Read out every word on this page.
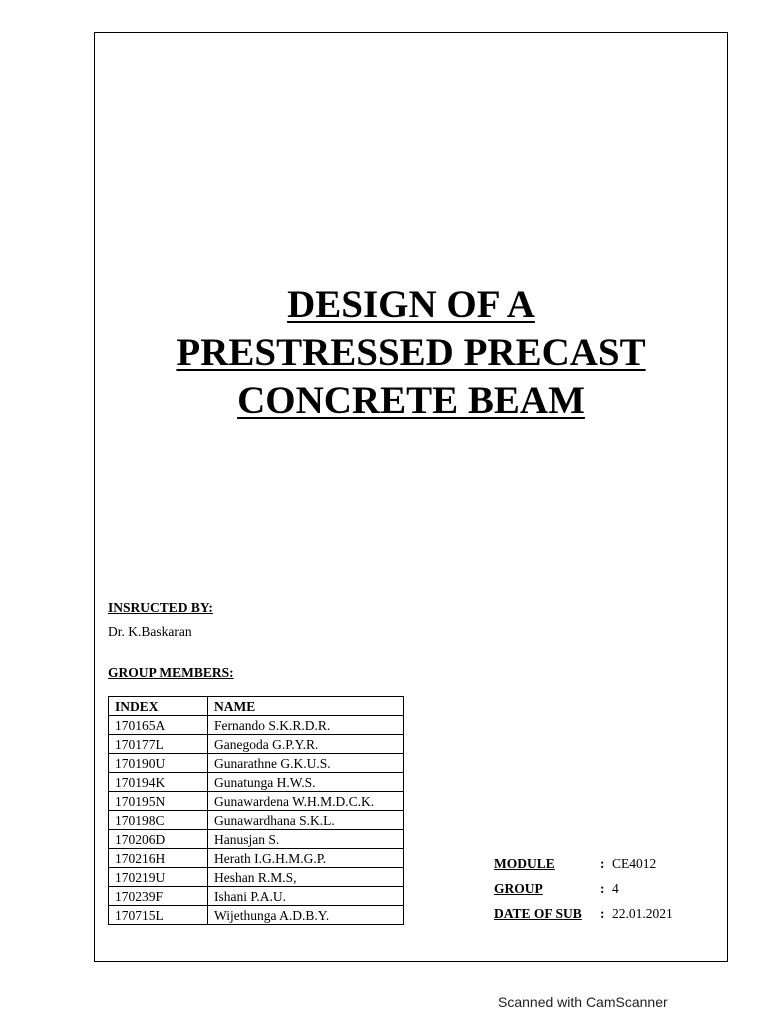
DESIGN OF A
PRESTRESSED PRECAST
CONCRETE BEAM
INSRUCTED BY:
Dr. K.Baskaran
GROUP MEMBERS:
INDEX	NAME
170165A	Fernando S.K.R.D.R.
170177L	Ganegoda G.P.Y.R.
170190U	Gunarathne G.K.U.S.
170194K	Gunatunga H.W.S.
170195N	Gunawardena W.H.M.D.C.K.
170198C	Gunawardhana S.K.L.
170206D	Hanusjan S.
170216H	Herath I.G.H.M.G.P.
170219U	Heshan R.M.S,
170239F	Ishani P.A.U.
170715L	Wijethunga A.D.B.Y.
MODULE	: CE4012
GROUP	: 4
DATE OF SUB : 22.01.2021
Scanned with CamScanner
